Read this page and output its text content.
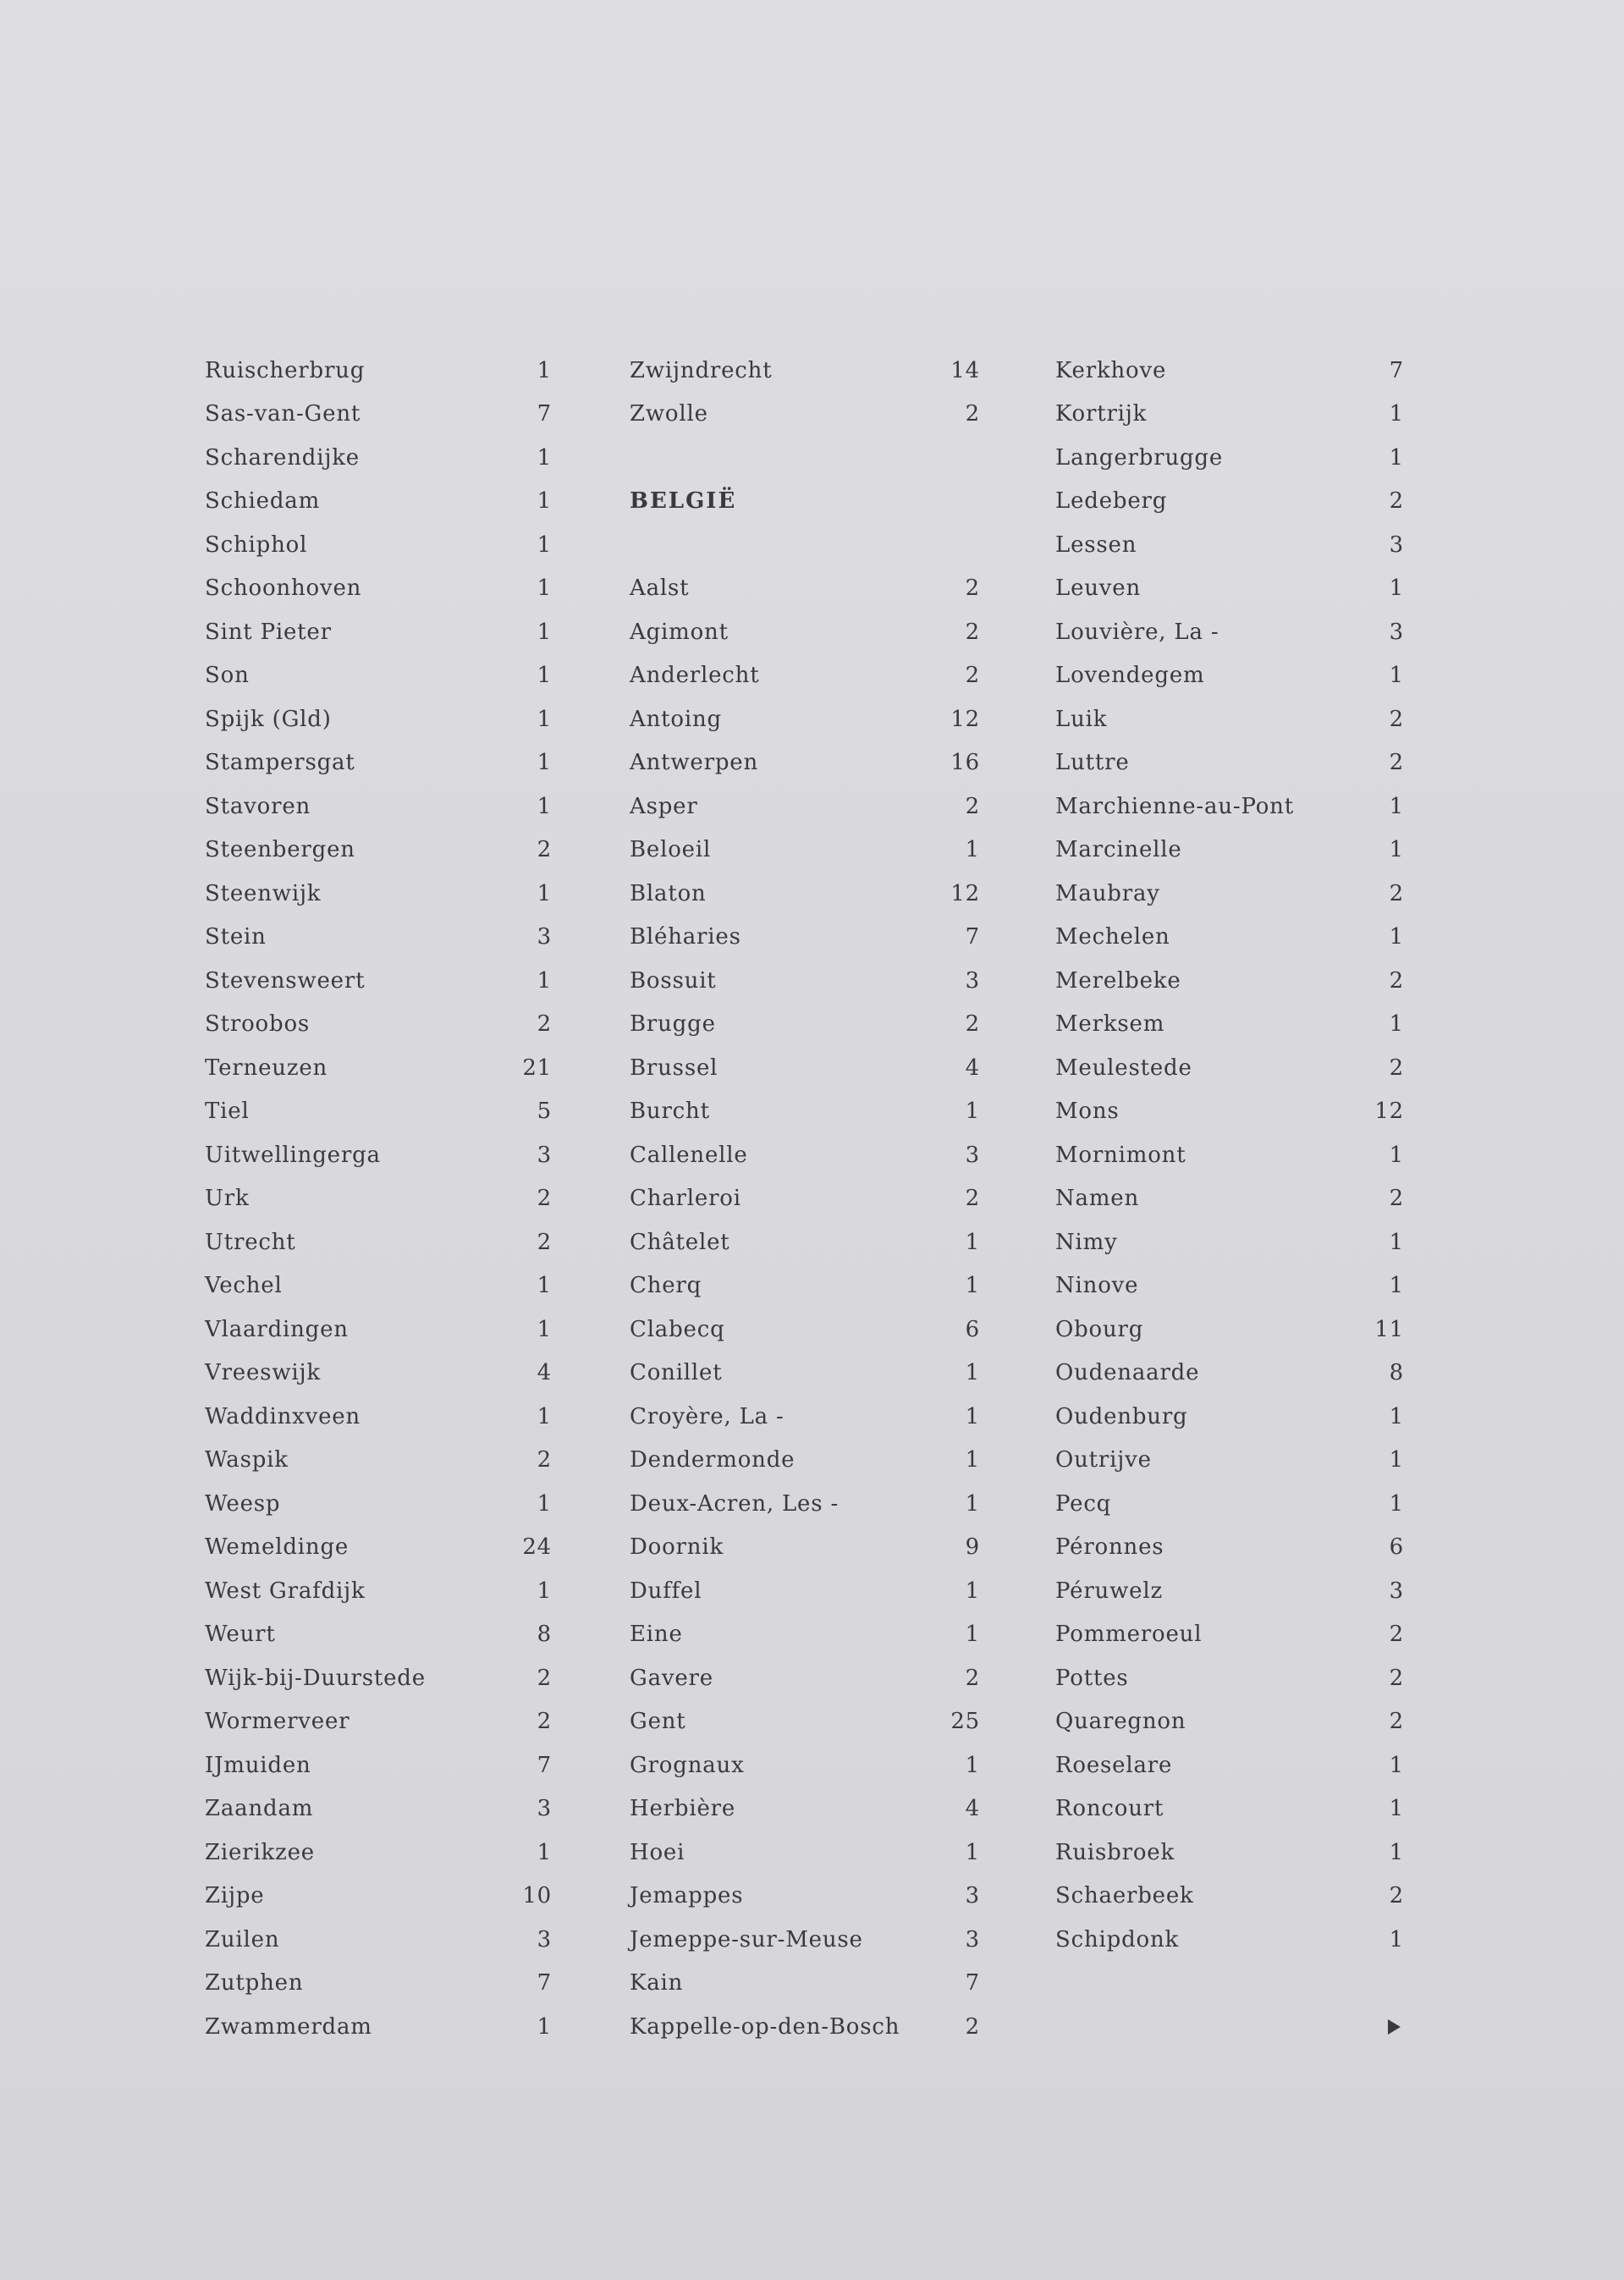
Ruischerbrug	1
Sas-van-Gent	7
Scharendijke	1
Schiedam	1
Schiphol	1
Schoonhoven	1
Sint Pieter	1
Son	1
Spijk (Gld)	1
Stampersgat	1
Stavoren	1
Steenbergen	2
Steenwijk	1
Stein	3
Stevensweert	1
Stroobos	2
Terneuzen	21
Tiel	5
Uitwellingerga	3
Urk	2
Utrecht	2
Vechel	1
Vlaardingen	1
Vreeswijk	4
Waddinxveen	1
Waspik	2
Weesp	1
Wemeldinge	24
West Grafdijk	1
Weurt	8
Wijk-bij-Duurstede	2
Wormerveer	2
IJmuiden	7
Zaandam	3
Zierikzee	1
Zijpe	10
Zuilen	3
Zutphen	7
Zwammerdam	1
Zwijndrecht	14
Zwolle	2
BELGIË
Aalst	2
Agimont	2
Anderlecht	2
Antoing	12
Antwerpen	16
Asper	2
Beloeil	1
Blaton	12
Bléharies	7
Bossuit	3
Brugge	2
Brussel	4
Burcht	1
Callenelle	3
Charleroi	2
Châtelet	1
Cherq	1
Clabecq	6
Conillet	1
Croyère, La -	1
Dendermonde	1
Deux-Acren, Les -	1
Doornik	9
Duffel	1
Eine	1
Gavere	2
Gent	25
Grognaux	1
Herbière	4
Hoei	1
Jemappes	3
Jemeppe-sur-Meuse	3
Kain	7
Kappelle-op-den-Bosch	2
Kerkhove	7
Kortrijk	1
Langerbrugge	1
Ledeberg	2
Lessen	3
Leuven	1
Louvière, La -	3
Lovendegem	1
Luik	2
Luttre	2
Marchienne-au-Pont	1
Marcinelle	1
Maubray	2
Mechelen	1
Merelbeke	2
Merksem	1
Meulestede	2
Mons	12
Mornimont	1
Namen	2
Nimy	1
Ninove	1
Obourg	11
Oudenaarde	8
Oudenburg	1
Outrijve	1
Pecq	1
Péronnes	6
Péruwelz	3
Pommeroeul	2
Pottes	2
Quaregnon	2
Roeselare	1
Roncourt	1
Ruisbroek	1
Schaerbeek	2
Schipdonk	1
